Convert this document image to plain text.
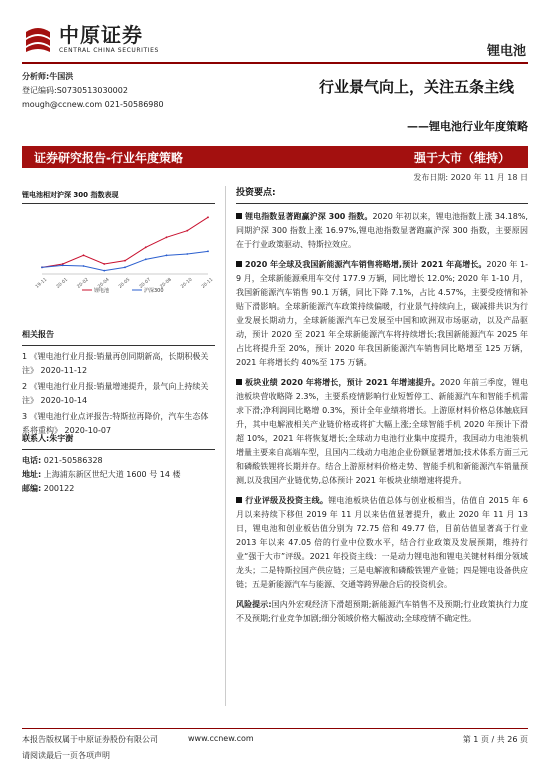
中原证券
CENTRAL CHINA SECURITIES	锂电池
分析师:牛国洪
登记编码:S0730513030002
mough@ccnew.com 021-50586980
行业景气向上，关注五条主线
——锂电池行业年度策略
证券研究报告-行业年度策略	强于大市（维持）
发布日期: 2020 年 11 月 18 日
锂电池相对沪深 300 指数表现
19-11 20-01 20-02 20-04 20-05 20-07 20-08 20-10 20-11
锂电池	沪深300
相关报告
1 《锂电池行业月报:销量再创同期新高，长期积极关注》 2020-11-12
2 《锂电池行业月报:销量增速提升，景气向上持续关注》 2020-10-14
3 《锂电池行业点评报告:特斯拉再降价，汽车生态体系将重构》 2020-10-07
联系人:朱宇澍
电话: 021-50586328
地址: 上海浦东新区世纪大道 1600 号 14 楼
邮编: 200122
投资要点:

锂电指数显著跑赢沪深 300 指数。2020 年初以来，锂电池指数上涨 34.18%,同期沪深 300 指数上涨 16.97%,锂电池指数显著跑赢沪深 300 指数，主要原因在于行业政策驱动、特斯拉效应。

2020 年全球及我国新能源汽车销售将略增,预计 2021 年高增长。2020 年 1-9 月，全球新能源乘用车交付 177.9 万辆，同比增长 12.0%; 2020 年 1-10 月，我国新能源汽车销售 90.1 万辆，同比下降 7.1%，占比 4.57%，主要受疫情和补贴下滑影响。全球新能源汽车政策持续偏暖，行业景气持续向上，碳减排共识为行业发展长期动力，全球新能源汽车已发展至中国和欧洲双市场驱动，以及产品驱动，预计 2020 至 2021 年全球新能源汽车将持续增长;我国新能源汽车 2025 年占比将提升至 20%，预计 2020 年我国新能源汽车销售同比略增至 125 万辆，2021 年将增长约 40%至 175 万辆。

板块业绩 2020 年将增长，预计 2021 年增速提升。2020 年前三季度，锂电池板块营收略降 2.3%，主要系疫情影响行业短暂停工、新能源汽车和智能手机需求下滑;净利润同比略增 0.3%，预计全年业绩将增长。上游原材料价格总体触底回升，其中电解液相关产业链价格或将扩大幅上涨;全球智能手机 2020 年预计下滑超 10%，2021 年将恢复增长;全球动力电池行业集中度提升，我国动力电池装机增量主要来自高端车型，且国内二线动力电池企业份额显著增加;技术体系方面三元和磷酸铁锂将长期并存。结合上游原材料价格走势、智能手机和新能源汽车销量预测,以及我国产业链优势,总体预计 2021 年板块业绩增速将提升。

行业评级及投资主线。锂电池板块估值总体与创业板相当，估值自 2015 年 6 月以来持续下移但 2019 年 11 月以来估值显著提升，截止 2020 年 11 月 13 日，锂电池和创业板估值分别为 72.75 倍和 49.77 倍，目前估值显著高于行业 2013 年以来 47.05 倍的行业中位数水平，结合行业政策及发展预期，维持行业“强于大市”评级。2021 年投资主线：一是动力锂电池和锂电关键材料细分领域龙头；二是特斯拉国产供应链；三是电解液和磷酸铁锂产业链；四是锂电设备供应链；五是新能源汽车与能源、交通等跨界融合后的投资机会。

风险提示:国内外宏观经济下滑超预期;新能源汽车销售不及预期;行业政策执行力度不及预期;行业竞争加剧;细分领域价格大幅波动;全球疫情不确定性。

本报告版权属于中原证券股份有限公司
请阅读最后一页各项声明
www.ccnew.com	第 1 页 / 共 26 页
